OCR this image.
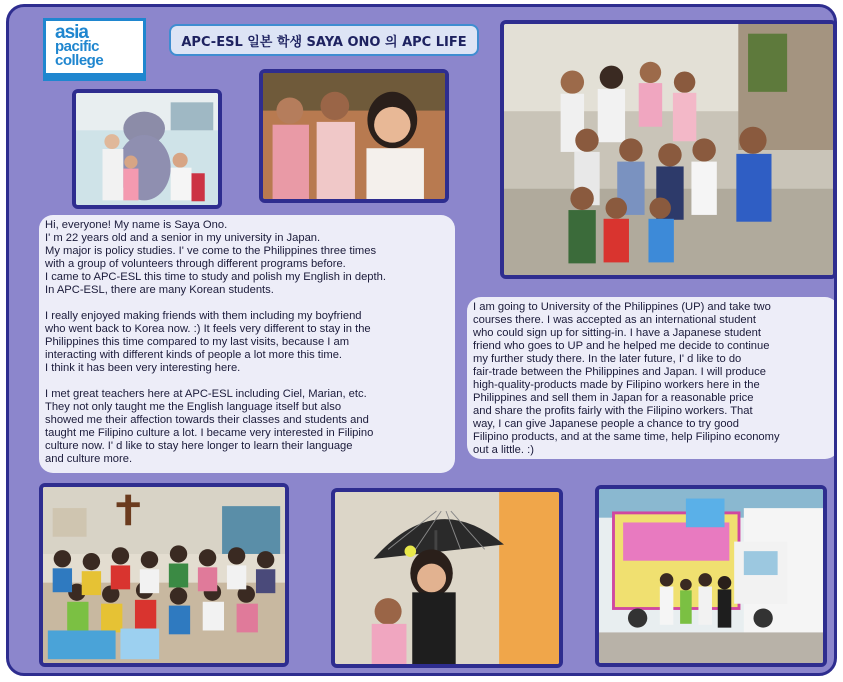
asia
pacific
college
APC-ESL 일본 학생 SAYA ONO 의 APC LIFE

Hi, everyone! My name is Saya Ono.
I' m 22 years old and a senior in my university in Japan.
My major is policy studies. I' ve come to the Philippines three times
with a group of volunteers through different programs before.
I came to APC-ESL this time to study and polish my English in depth.
In APC-ESL, there are many Korean students.

I really enjoyed making friends with them including my boyfriend
who went back to Korea now. :) It feels very different to stay in the
Philippines this time compared to my last visits, because I am
interacting with different kinds of people a lot more this time.
I think it has been very interesting here.

I met great teachers here at APC-ESL including Ciel, Marian, etc.
They not only taught me the English language itself but also
showed me their affection towards their classes and students and
taught me Filipino culture a lot. I became very interested in Filipino
culture now. I' d like to stay here longer to learn their language
and culture more.

I am going to University of the Philippines (UP) and take two
courses there. I was accepted as an international student
who could sign up for sitting-in. I have a Japanese student
friend who goes to UP and he helped me decide to continue
my further study there. In the later future, I' d like to do
fair-trade between the Philippines and Japan. I will produce
high-quality-products made by Filipino workers here in the
Philippines and sell them in Japan for a reasonable price
and share the profits fairly with the Filipino workers. That
way, I can give Japanese people a chance to try good
Filipino products, and at the same time, help Filipino economy
out a little. :)
